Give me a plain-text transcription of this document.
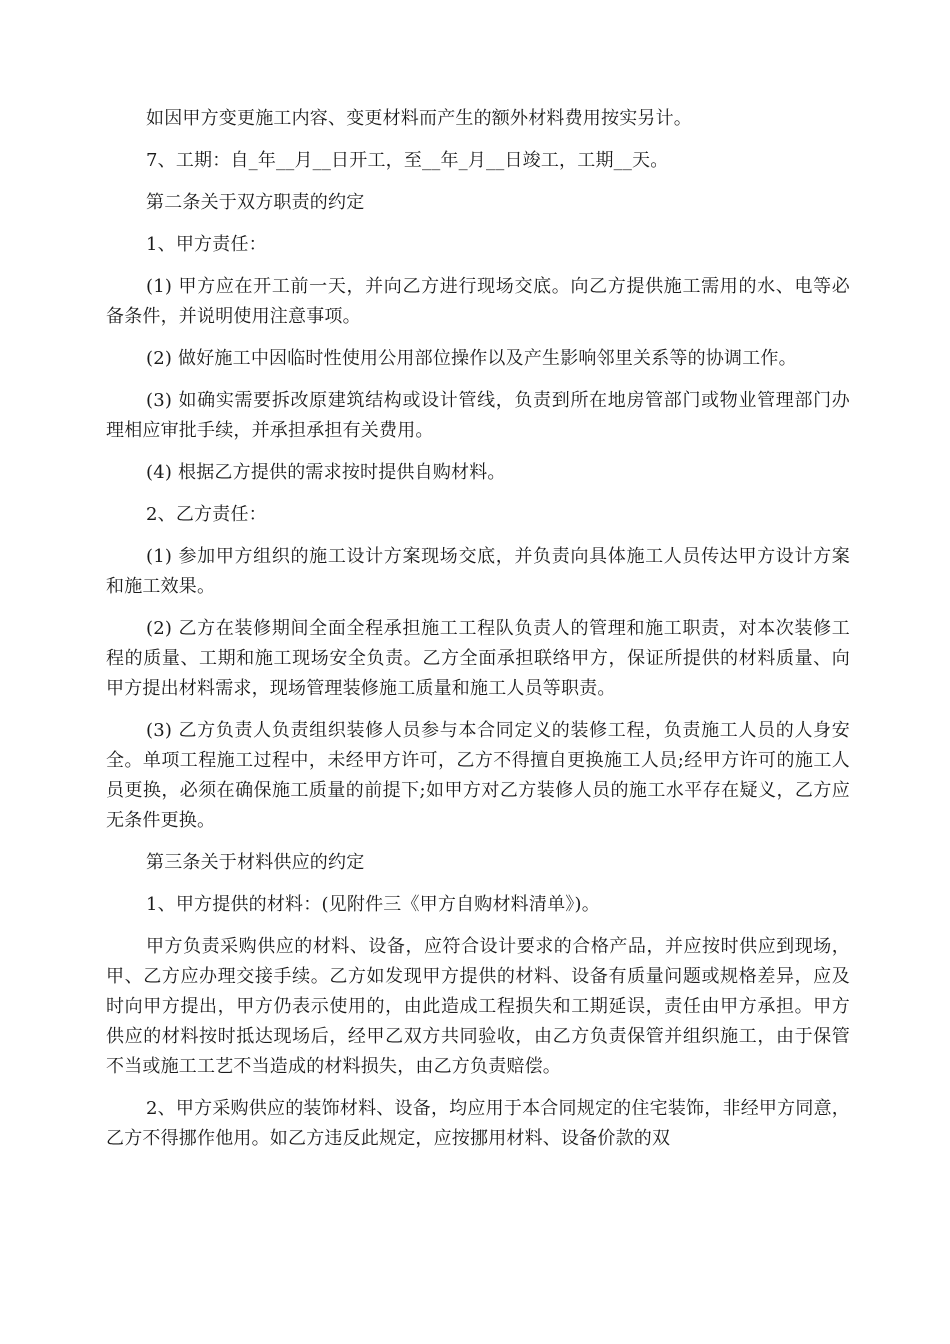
如因甲方变更施工内容、变更材料而产生的额外材料费用按实另计。

7、工期：自_年__月__日开工，至__年_月__日竣工，工期__天。

第二条关于双方职责的约定

1、甲方责任：

(1) 甲方应在开工前一天，并向乙方进行现场交底。向乙方提供施工需用的水、电等必备条件，并说明使用注意事项。

(2) 做好施工中因临时性使用公用部位操作以及产生影响邻里关系等的协调工作。

(3) 如确实需要拆改原建筑结构或设计管线，负责到所在地房管部门或物业管理部门办理相应审批手续，并承担承担有关费用。

(4) 根据乙方提供的需求按时提供自购材料。

2、乙方责任：

(1) 参加甲方组织的施工设计方案现场交底，并负责向具体施工人员传达甲方设计方案和施工效果。

(2) 乙方在装修期间全面全程承担施工工程队负责人的管理和施工职责，对本次装修工程的质量、工期和施工现场安全负责。乙方全面承担联络甲方，保证所提供的材料质量、向甲方提出材料需求，现场管理装修施工质量和施工人员等职责。

(3) 乙方负责人负责组织装修人员参与本合同定义的装修工程，负责施工人员的人身安全。单项工程施工过程中，未经甲方许可，乙方不得擅自更换施工人员;经甲方许可的施工人员更换，必须在确保施工质量的前提下;如甲方对乙方装修人员的施工水平存在疑义，乙方应无条件更换。

第三条关于材料供应的约定

1、甲方提供的材料：(见附件三《甲方自购材料清单》)。

甲方负责采购供应的材料、设备，应符合设计要求的合格产品，并应按时供应到现场，甲、乙方应办理交接手续。乙方如发现甲方提供的材料、设备有质量问题或规格差异，应及时向甲方提出，甲方仍表示使用的，由此造成工程损失和工期延误，责任由甲方承担。甲方供应的材料按时抵达现场后，经甲乙双方共同验收，由乙方负责保管并组织施工，由于保管不当或施工工艺不当造成的材料损失，由乙方负责赔偿。

2、甲方采购供应的装饰材料、设备，均应用于本合同规定的住宅装饰，非经甲方同意，乙方不得挪作他用。如乙方违反此规定，应按挪用材料、设备价款的双
